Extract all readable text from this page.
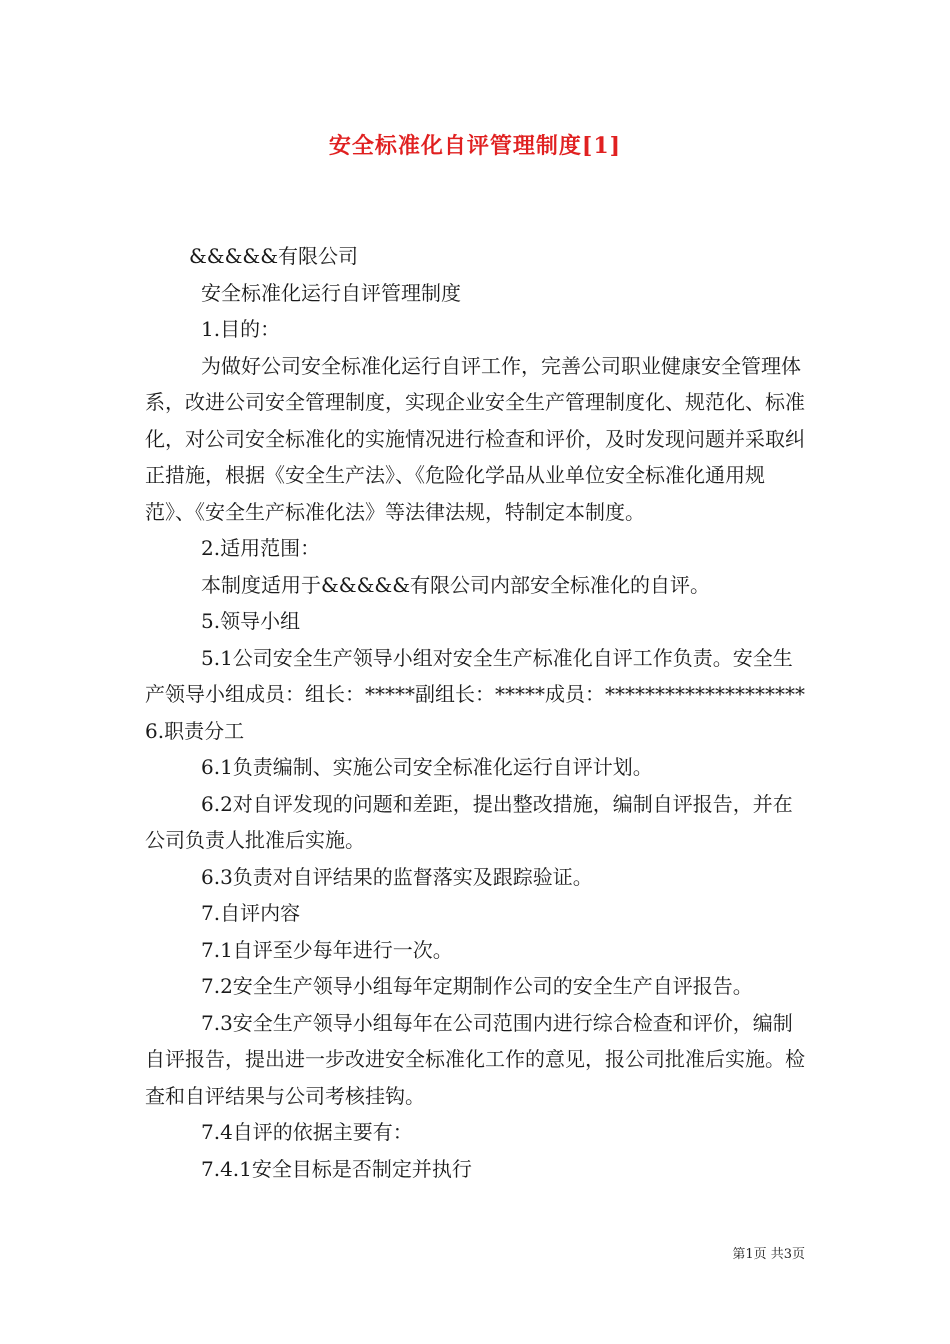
安全标准化自评管理制度[1]

&&&&&有限公司

安全标准化运行自评管理制度

1.目的：

为做好公司安全标准化运行自评工作，完善公司职业健康安全管理体系，改进公司安全管理制度，实现企业安全生产管理制度化、规范化、标准化，对公司安全标准化的实施情况进行检查和评价，及时发现问题并采取纠正措施，根据《安全生产法》、《危险化学品从业单位安全标准化通用规范》、《安全生产标准化法》等法律法规，特制定本制度。

2.适用范围：

本制度适用于&&&&&有限公司内部安全标准化的自评。

5.领导小组

5.1公司安全生产领导小组对安全生产标准化自评工作负责。安全生产领导小组成员：组长：*****副组长：*****成员：********************6.职责分工

6.1负责编制、实施公司安全标准化运行自评计划。

6.2对自评发现的问题和差距，提出整改措施，编制自评报告，并在公司负责人批准后实施。

6.3负责对自评结果的监督落实及跟踪验证。

7.自评内容

7.1自评至少每年进行一次。

7.2安全生产领导小组每年定期制作公司的安全生产自评报告。

7.3安全生产领导小组每年在公司范围内进行综合检查和评价，编制自评报告，提出进一步改进安全标准化工作的意见，报公司批准后实施。检查和自评结果与公司考核挂钩。

7.4自评的依据主要有：

7.4.1安全目标是否制定并执行

第1页 共3页
